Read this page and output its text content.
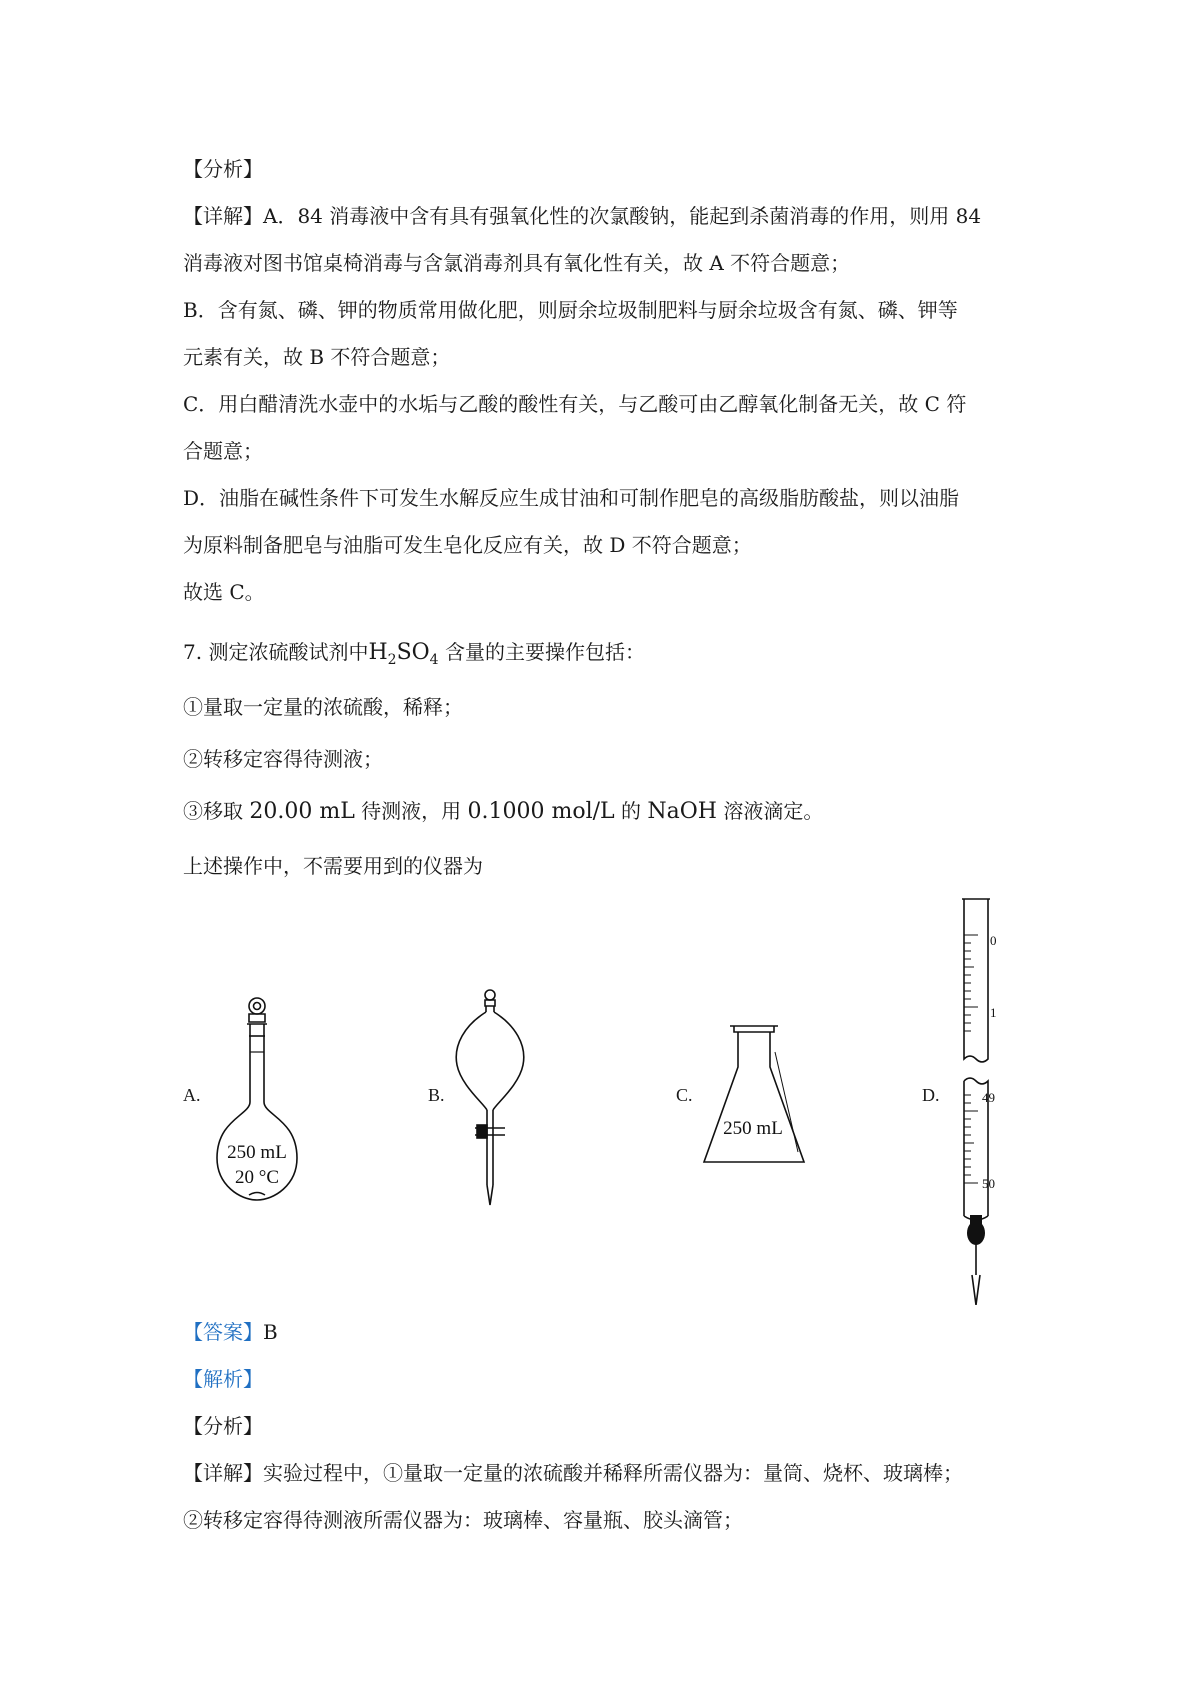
【分析】
【详解】A．84 消毒液中含有具有强氧化性的次氯酸钠，能起到杀菌消毒的作用，则用 84
消毒液对图书馆桌椅消毒与含氯消毒剂具有氧化性有关，故 A 不符合题意；
B．含有氮、磷、钾的物质常用做化肥，则厨余垃圾制肥料与厨余垃圾含有氮、磷、钾等
元素有关，故 B 不符合题意；
C．用白醋清洗水壶中的水垢与乙酸的酸性有关，与乙酸可由乙醇氧化制备无关，故 C 符
合题意；
D．油脂在碱性条件下可发生水解反应生成甘油和可制作肥皂的高级脂肪酸盐，则以油脂
为原料制备肥皂与油脂可发生皂化反应有关，故 D 不符合题意；
故选 C。
7. 测定浓硫酸试剂中$H_2SO_4$ 含量的主要操作包括：
①量取一定量的浓硫酸，稀释；
②转移定容得待测液；
③移取 20.00 mL 待测液，用 0.1000 mol/L 的 NaOH 溶液滴定。
上述操作中，不需要用到的仪器为
A.	B.	C.	D.
250 mL
20 °C
250 mL
0
1
49
50
【答案】B
【解析】
【分析】
【详解】实验过程中，①量取一定量的浓硫酸并稀释所需仪器为：量筒、烧杯、玻璃棒；
②转移定容得待测液所需仪器为：玻璃棒、容量瓶、胶头滴管；
